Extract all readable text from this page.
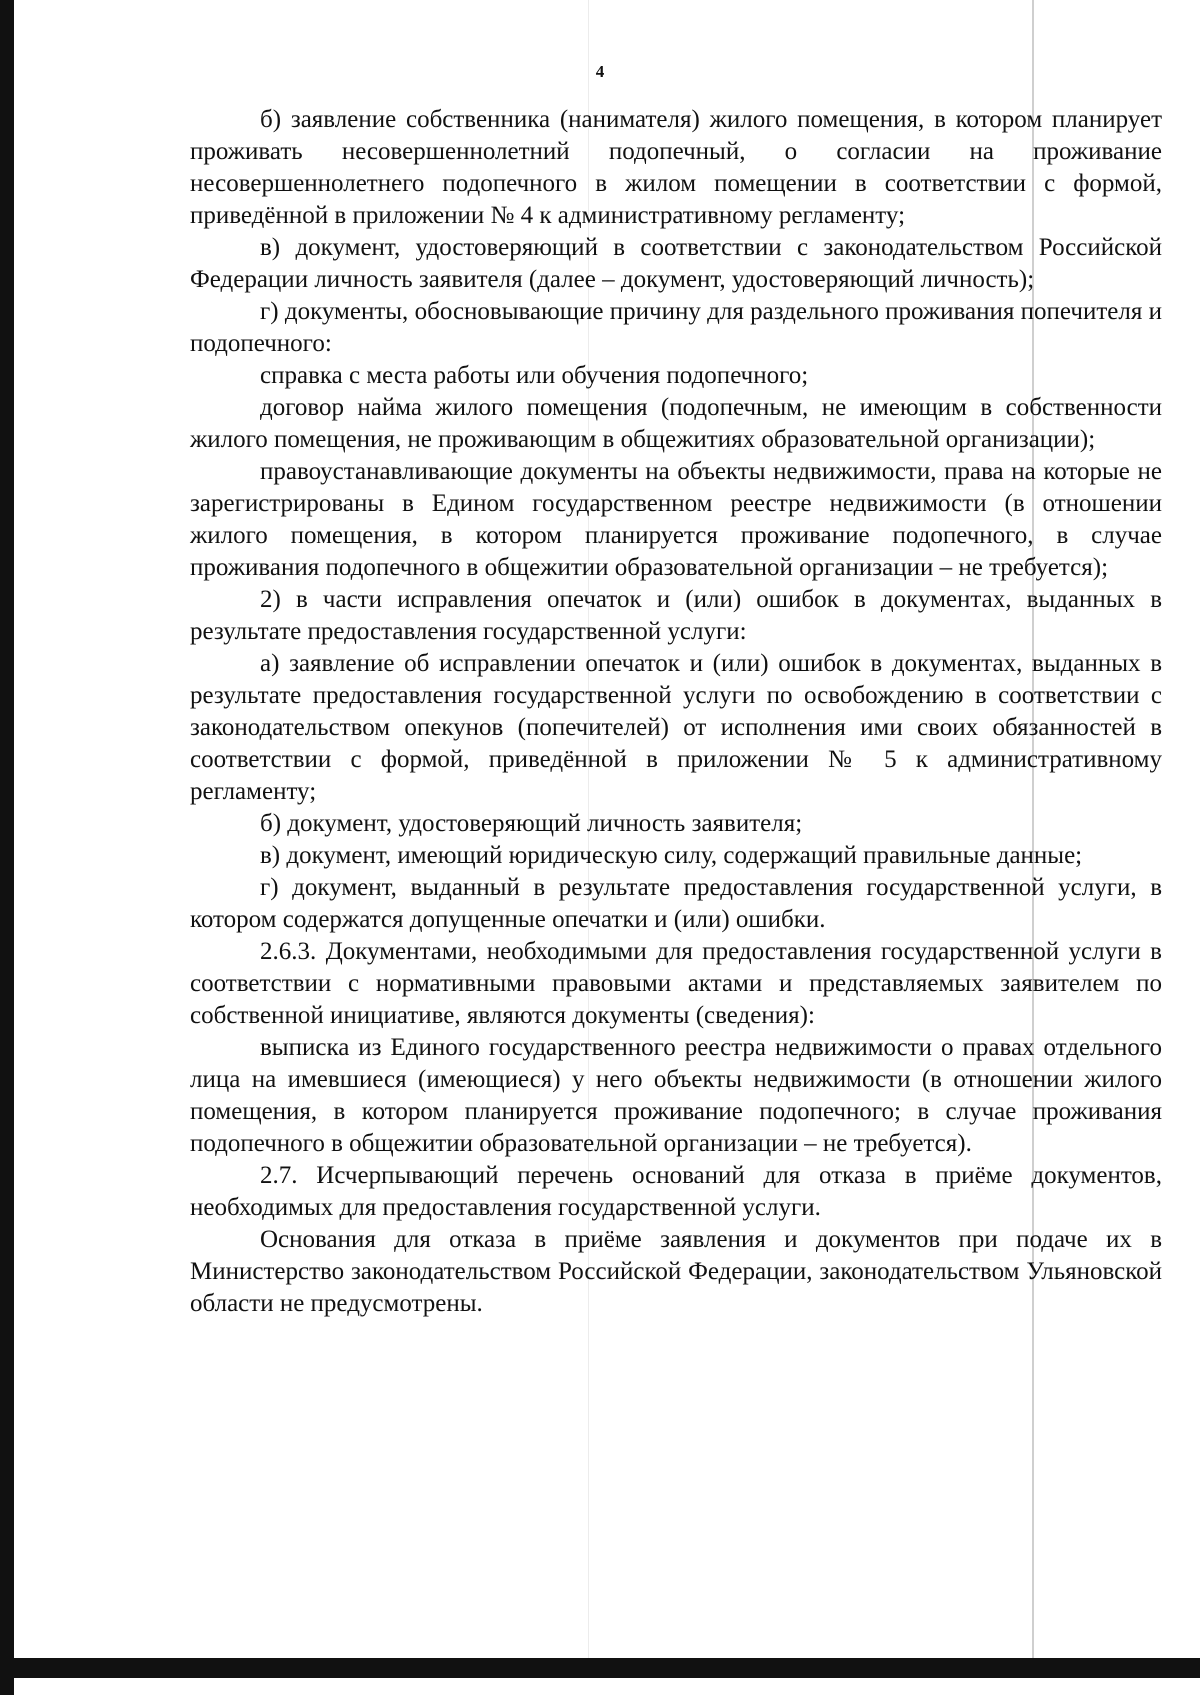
4

б) заявление собственника (нанимателя) жилого помещения, в котором планирует проживать несовершеннолетний подопечный, о согласии на проживание несовершеннолетнего подопечного в жилом помещении в соответствии с формой, приведённой в приложении № 4 к административному регламенту;

в) документ, удостоверяющий в соответствии с законодательством Российской Федерации личность заявителя (далее – документ, удостоверяющий личность);

г) документы, обосновывающие причину для раздельного проживания попечителя и подопечного:

справка с места работы или обучения подопечного;

договор найма жилого помещения (подопечным, не имеющим в собственности жилого помещения, не проживающим в общежитиях образовательной организации);

правоустанавливающие документы на объекты недвижимости, права на которые не зарегистрированы в Едином государственном реестре недвижимости (в отношении жилого помещения, в котором планируется проживание подопечного, в случае проживания подопечного в общежитии образовательной организации – не требуется);

2) в части исправления опечаток и (или) ошибок в документах, выданных в результате предоставления государственной услуги:

а) заявление об исправлении опечаток и (или) ошибок в документах, выданных в результате предоставления государственной услуги по освобождению в соответствии с законодательством опекунов (попечителей) от исполнения ими своих обязанностей в соответствии с формой, приведённой в приложении № 5 к административному регламенту;

б) документ, удостоверяющий личность заявителя;

в) документ, имеющий юридическую силу, содержащий правильные данные;

г) документ, выданный в результате предоставления государственной услуги, в котором содержатся допущенные опечатки и (или) ошибки.

2.6.3. Документами, необходимыми для предоставления государственной услуги в соответствии с нормативными правовыми актами и представляемых заявителем по собственной инициативе, являются документы (сведения):

выписка из Единого государственного реестра недвижимости о правах отдельного лица на имевшиеся (имеющиеся) у него объекты недвижимости (в отношении жилого помещения, в котором планируется проживание подопечного; в случае проживания подопечного в общежитии образовательной организации – не требуется).

2.7. Исчерпывающий перечень оснований для отказа в приёме документов, необходимых для предоставления государственной услуги.

Основания для отказа в приёме заявления и документов при подаче их в Министерство законодательством Российской Федерации, законодательством Ульяновской области не предусмотрены.
